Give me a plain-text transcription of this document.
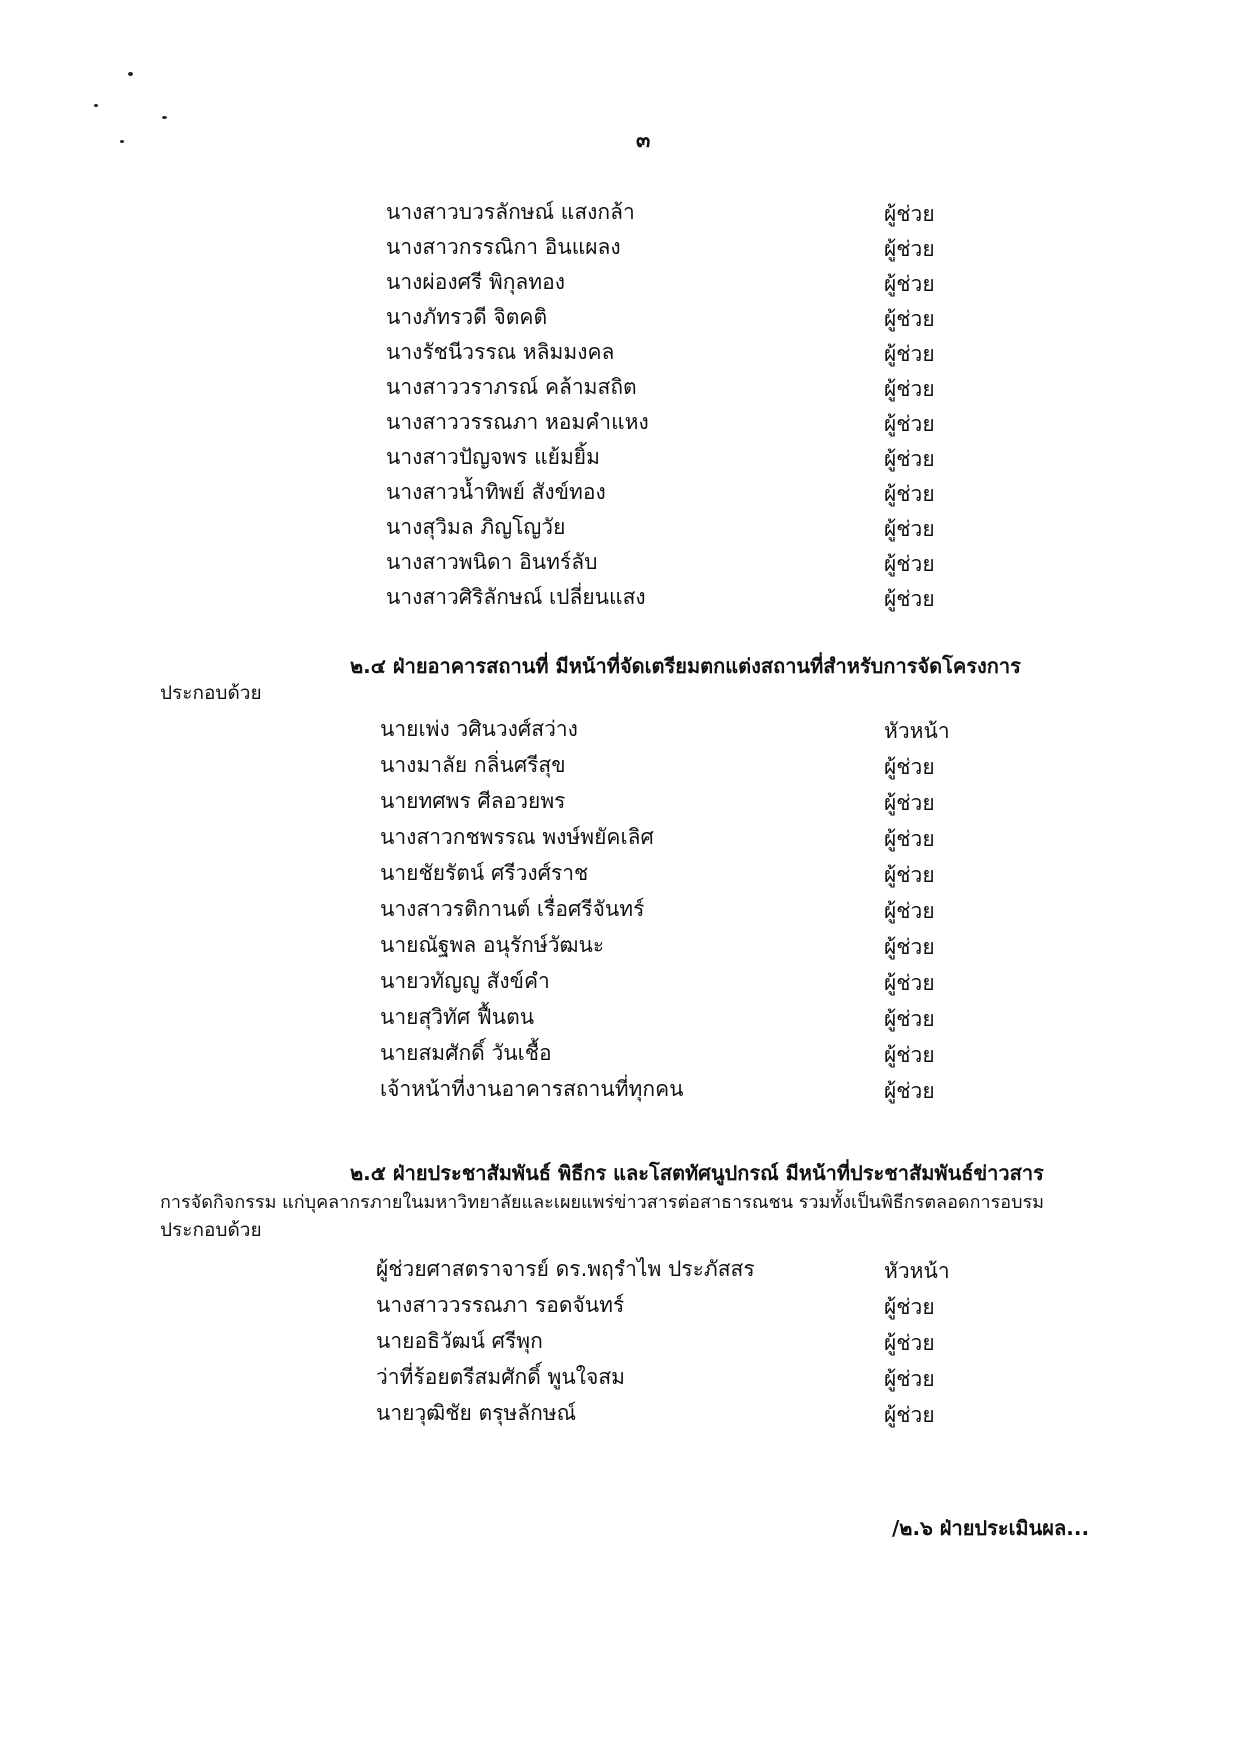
๓
นางสาวบวรลักษณ์ แสงกล้า	ผู้ช่วย
นางสาวกรรณิกา อินแผลง	ผู้ช่วย
นางผ่องศรี พิกุลทอง	ผู้ช่วย
นางภัทรวดี จิตคติ	ผู้ช่วย
นางรัชนีวรรณ หลิมมงคล	ผู้ช่วย
นางสาววราภรณ์ คล้ามสถิต	ผู้ช่วย
นางสาววรรณภา หอมคำแหง	ผู้ช่วย
นางสาวปัญจพร แย้มยิ้ม	ผู้ช่วย
นางสาวน้ำทิพย์ สังข์ทอง	ผู้ช่วย
นางสุวิมล ภิญโญวัย	ผู้ช่วย
นางสาวพนิดา อินทร์ลับ	ผู้ช่วย
นางสาวศิริลักษณ์ เปลี่ยนแสง	ผู้ช่วย
๒.๔ ฝ่ายอาคารสถานที่ มีหน้าที่จัดเตรียมตกแต่งสถานที่สำหรับการจัดโครงการ
ประกอบด้วย
นายเพ่ง วศินวงศ์สว่าง	หัวหน้า
นางมาลัย กลิ่นศรีสุข	ผู้ช่วย
นายทศพร ศีลอวยพร	ผู้ช่วย
นางสาวกชพรรณ พงษ์พยัคเลิศ	ผู้ช่วย
นายชัยรัตน์ ศรีวงศ์ราช	ผู้ช่วย
นางสาวรติกานต์ เรื่อศรีจันทร์	ผู้ช่วย
นายณัฐพล อนุรักษ์วัฒนะ	ผู้ช่วย
นายวทัญญู สังข์คำ	ผู้ช่วย
นายสุวิทัศ ฟื้นตน	ผู้ช่วย
นายสมศักดิ์ วันเชื้อ	ผู้ช่วย
เจ้าหน้าที่งานอาคารสถานที่ทุกคน	ผู้ช่วย
๒.๕ ฝ่ายประชาสัมพันธ์ พิธีกร และโสตทัศนูปกรณ์ มีหน้าที่ประชาสัมพันธ์ข่าวสาร
การจัดกิจกรรม แก่บุคลากรภายในมหาวิทยาลัยและเผยแพร่ข่าวสารต่อสาธารณชน รวมทั้งเป็นพิธีกรตลอดการอบรม
ประกอบด้วย
ผู้ช่วยศาสตราจารย์ ดร.พฤรำไพ ประภัสสร	หัวหน้า
นางสาววรรณภา รอดจันทร์	ผู้ช่วย
นายอธิวัฒน์ ศรีพุก	ผู้ช่วย
ว่าที่ร้อยตรีสมศักดิ์ พูนใจสม	ผู้ช่วย
นายวุฒิชัย ตรุษลักษณ์	ผู้ช่วย
/๒.๖ ฝ่ายประเมินผล...
